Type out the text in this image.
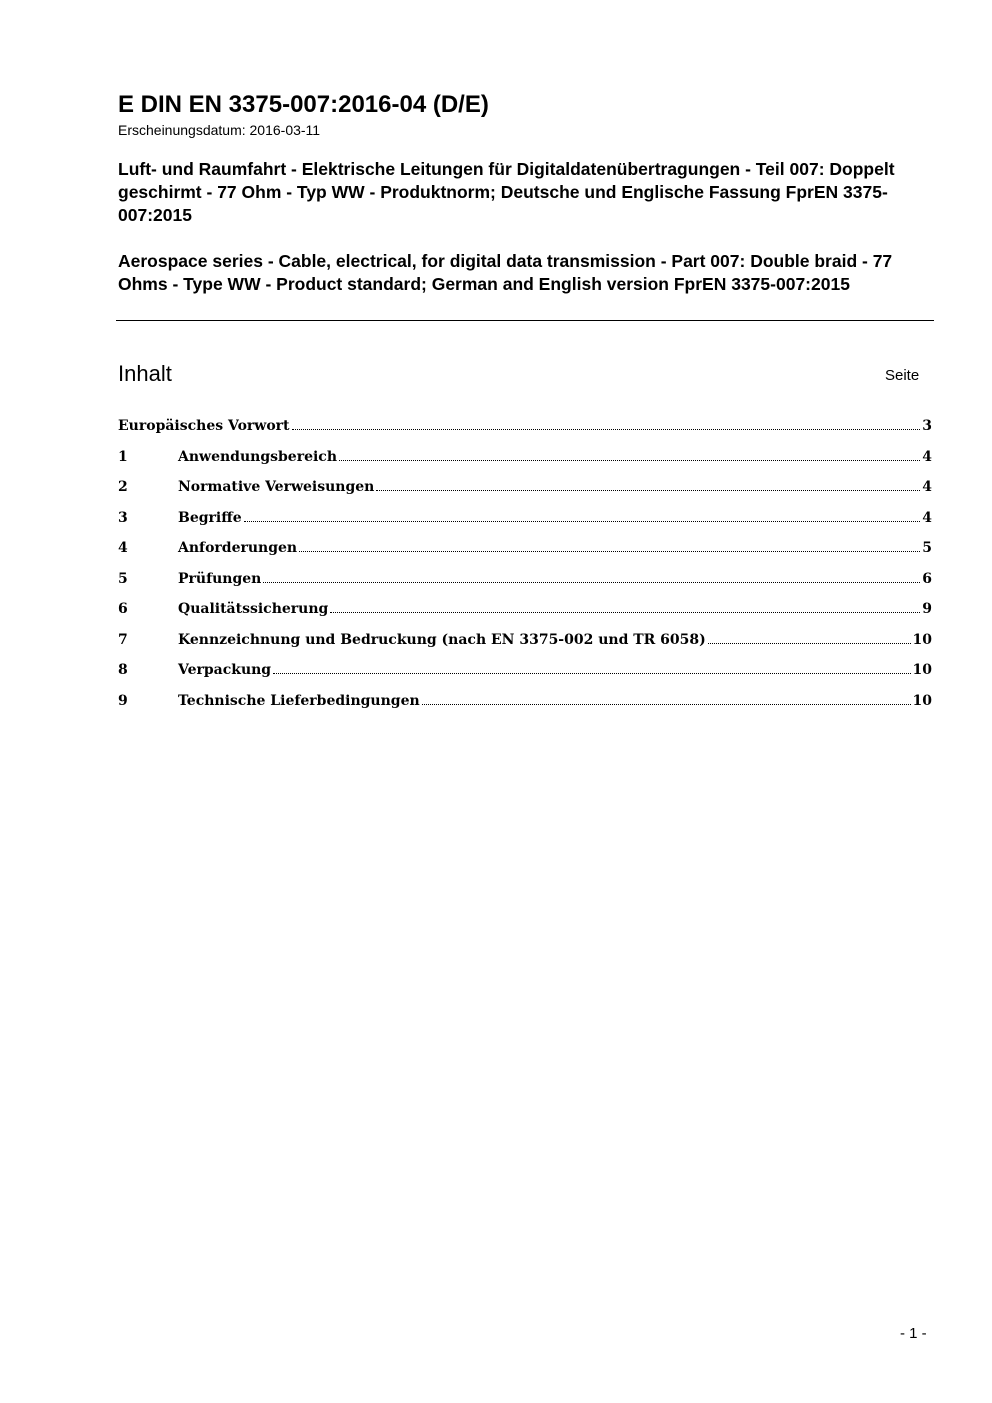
E DIN EN 3375-007:2016-04 (D/E)
Erscheinungsdatum: 2016-03-11
Luft- und Raumfahrt - Elektrische Leitungen für Digitaldatenübertragungen - Teil 007: Doppelt geschirmt - 77 Ohm - Typ WW - Produktnorm; Deutsche und Englische Fassung FprEN 3375-007:2015
Aerospace series - Cable, electrical, for digital data transmission - Part 007: Double braid - 77 Ohms - Type WW - Product standard; German and English version FprEN 3375-007:2015
Inhalt	Seite
Europäisches Vorwort	3
1	Anwendungsbereich	4
2	Normative Verweisungen	4
3	Begriffe	4
4	Anforderungen	5
5	Prüfungen	6
6	Qualitätssicherung	9
7	Kennzeichnung und Bedruckung (nach EN 3375-002 und TR 6058)	10
8	Verpackung	10
9	Technische Lieferbedingungen	10
- 1 -
